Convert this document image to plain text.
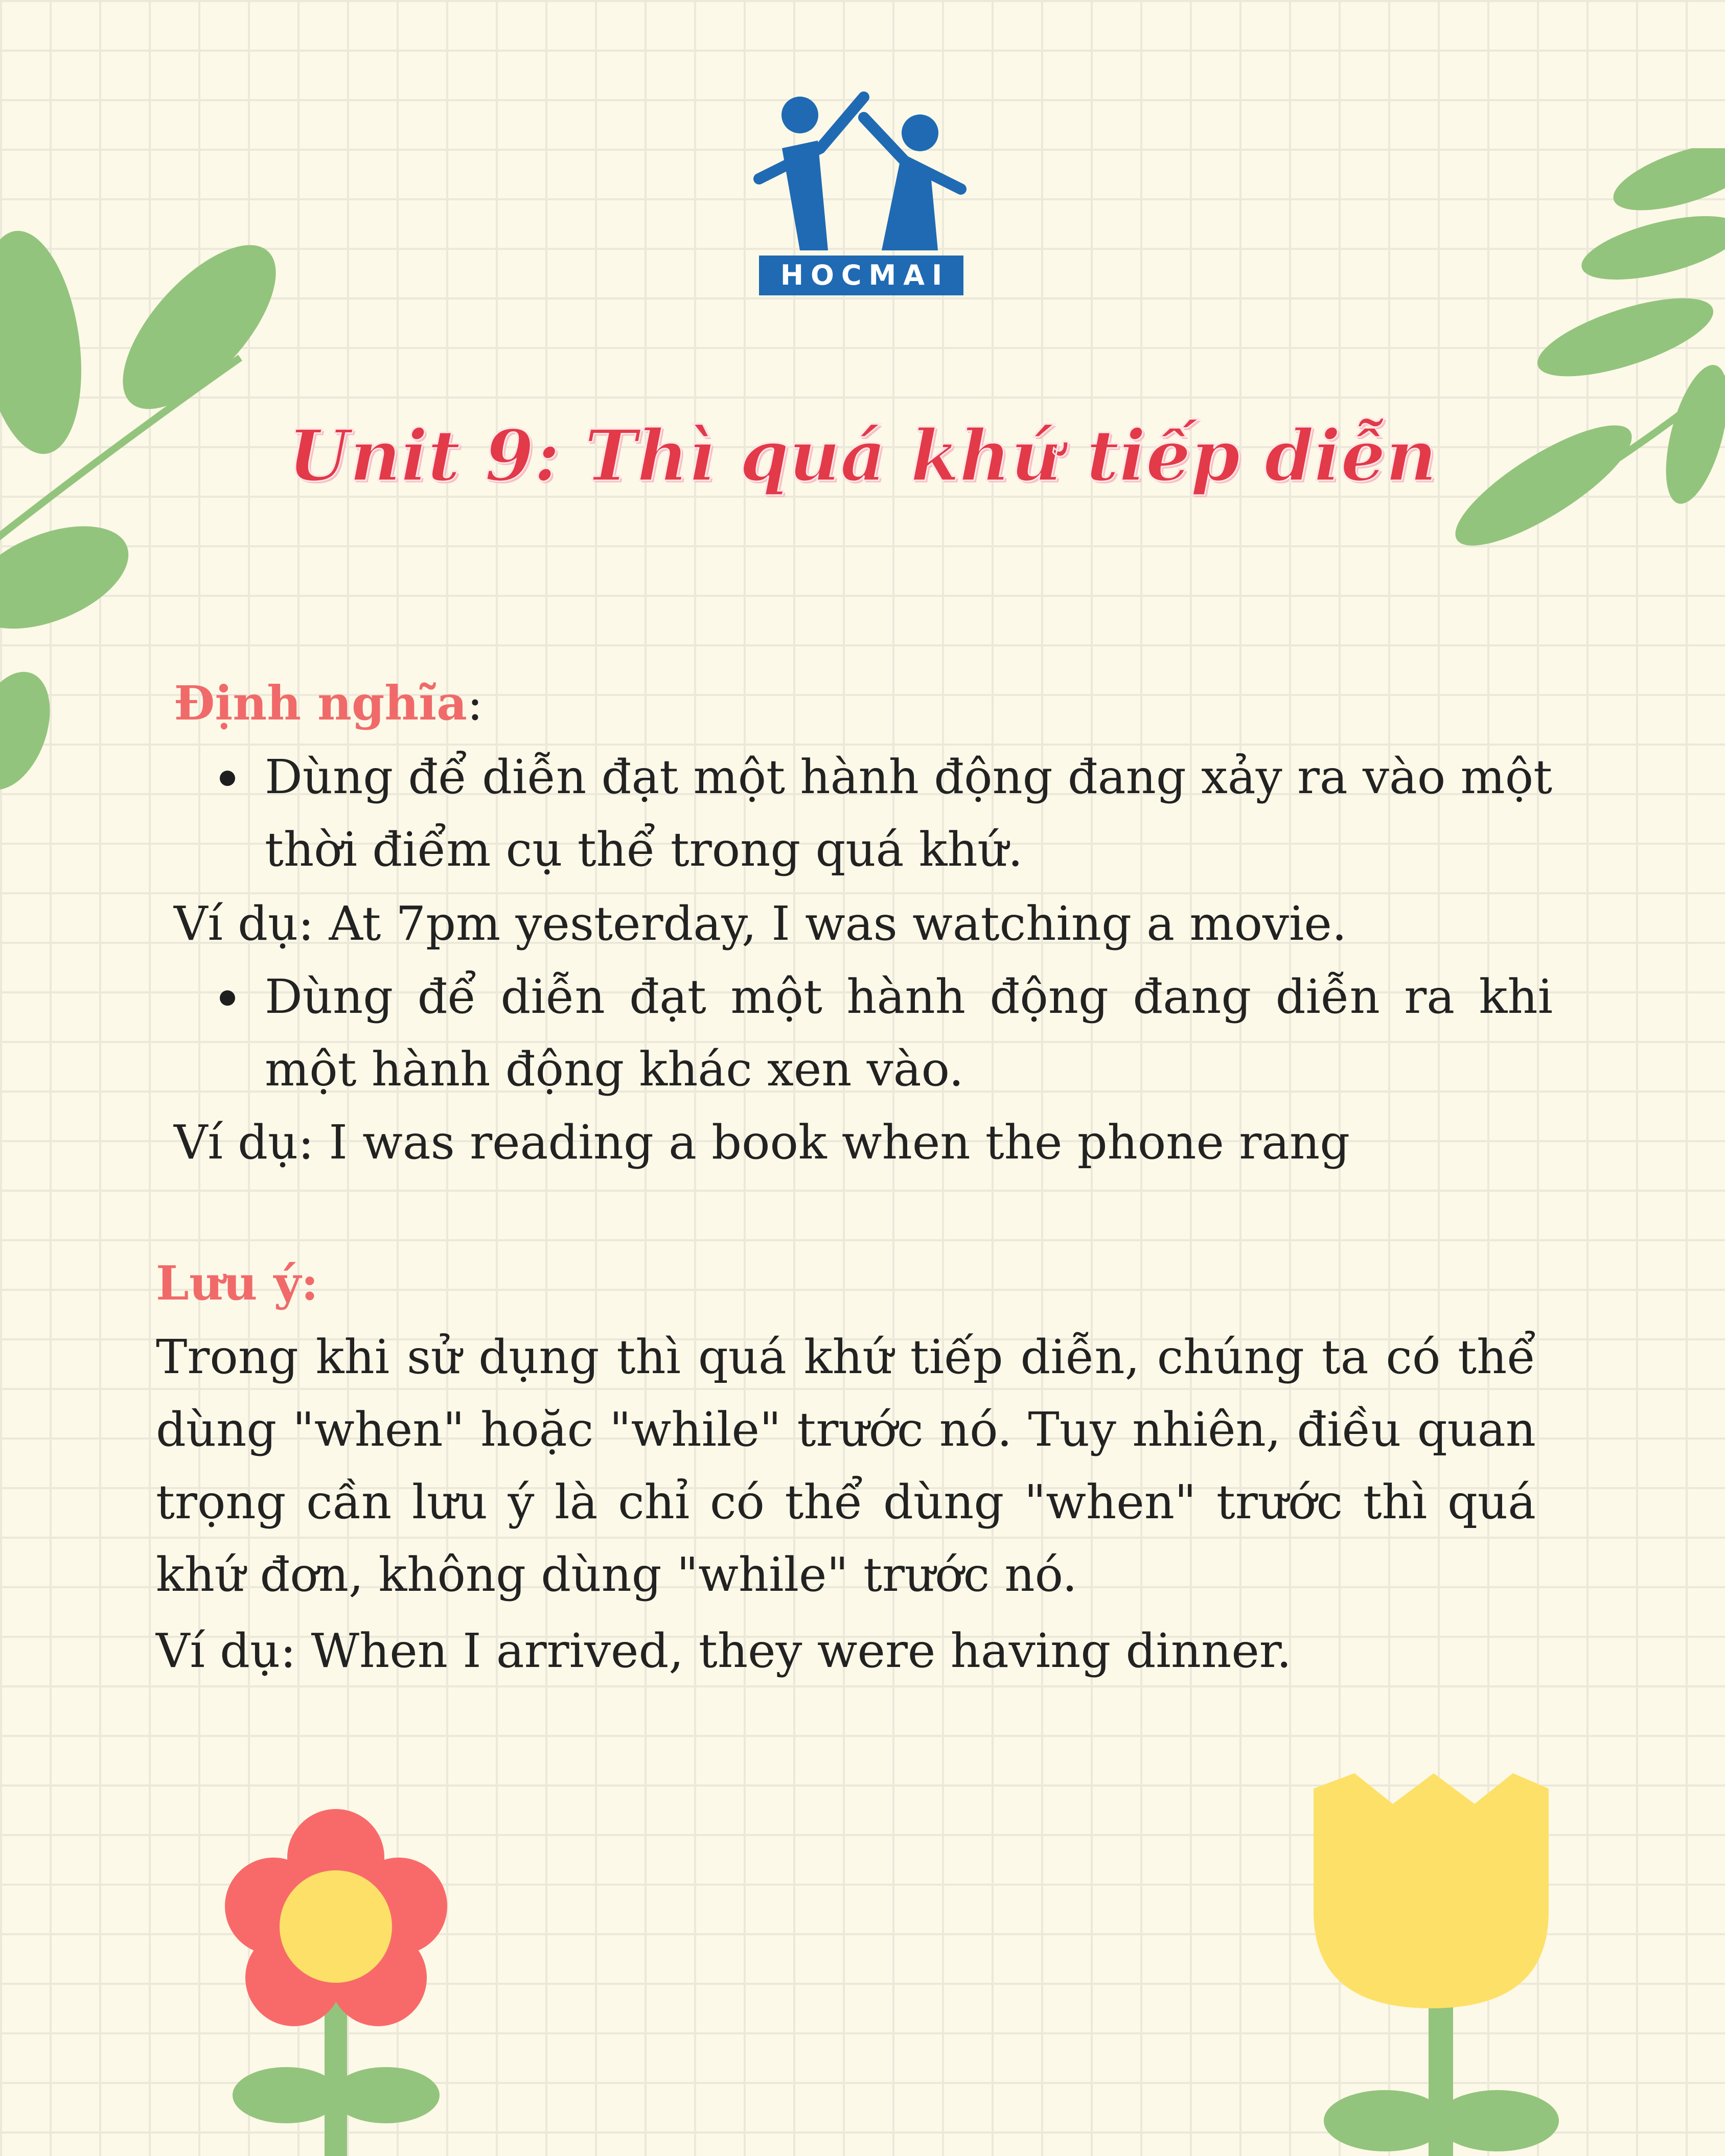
HOCMAI
Unit 9: Thì quá khứ tiếp diễn
Định nghĩa:
Dùng để diễn đạt một hành động đang xảy ra vào một thời điểm cụ thể trong quá khứ.
Ví dụ: At 7pm yesterday, I was watching a movie.
Dùng để diễn đạt một hành động đang diễn ra khi một hành động khác xen vào.
Ví dụ: I was reading a book when the phone rang
Lưu ý:
Trong khi sử dụng thì quá khứ tiếp diễn, chúng ta có thể dùng "when" hoặc "while" trước nó. Tuy nhiên, điều quan trọng cần lưu ý là chỉ có thể dùng "when" trước thì quá khứ đơn, không dùng "while" trước nó.
Ví dụ: When I arrived, they were having dinner.
